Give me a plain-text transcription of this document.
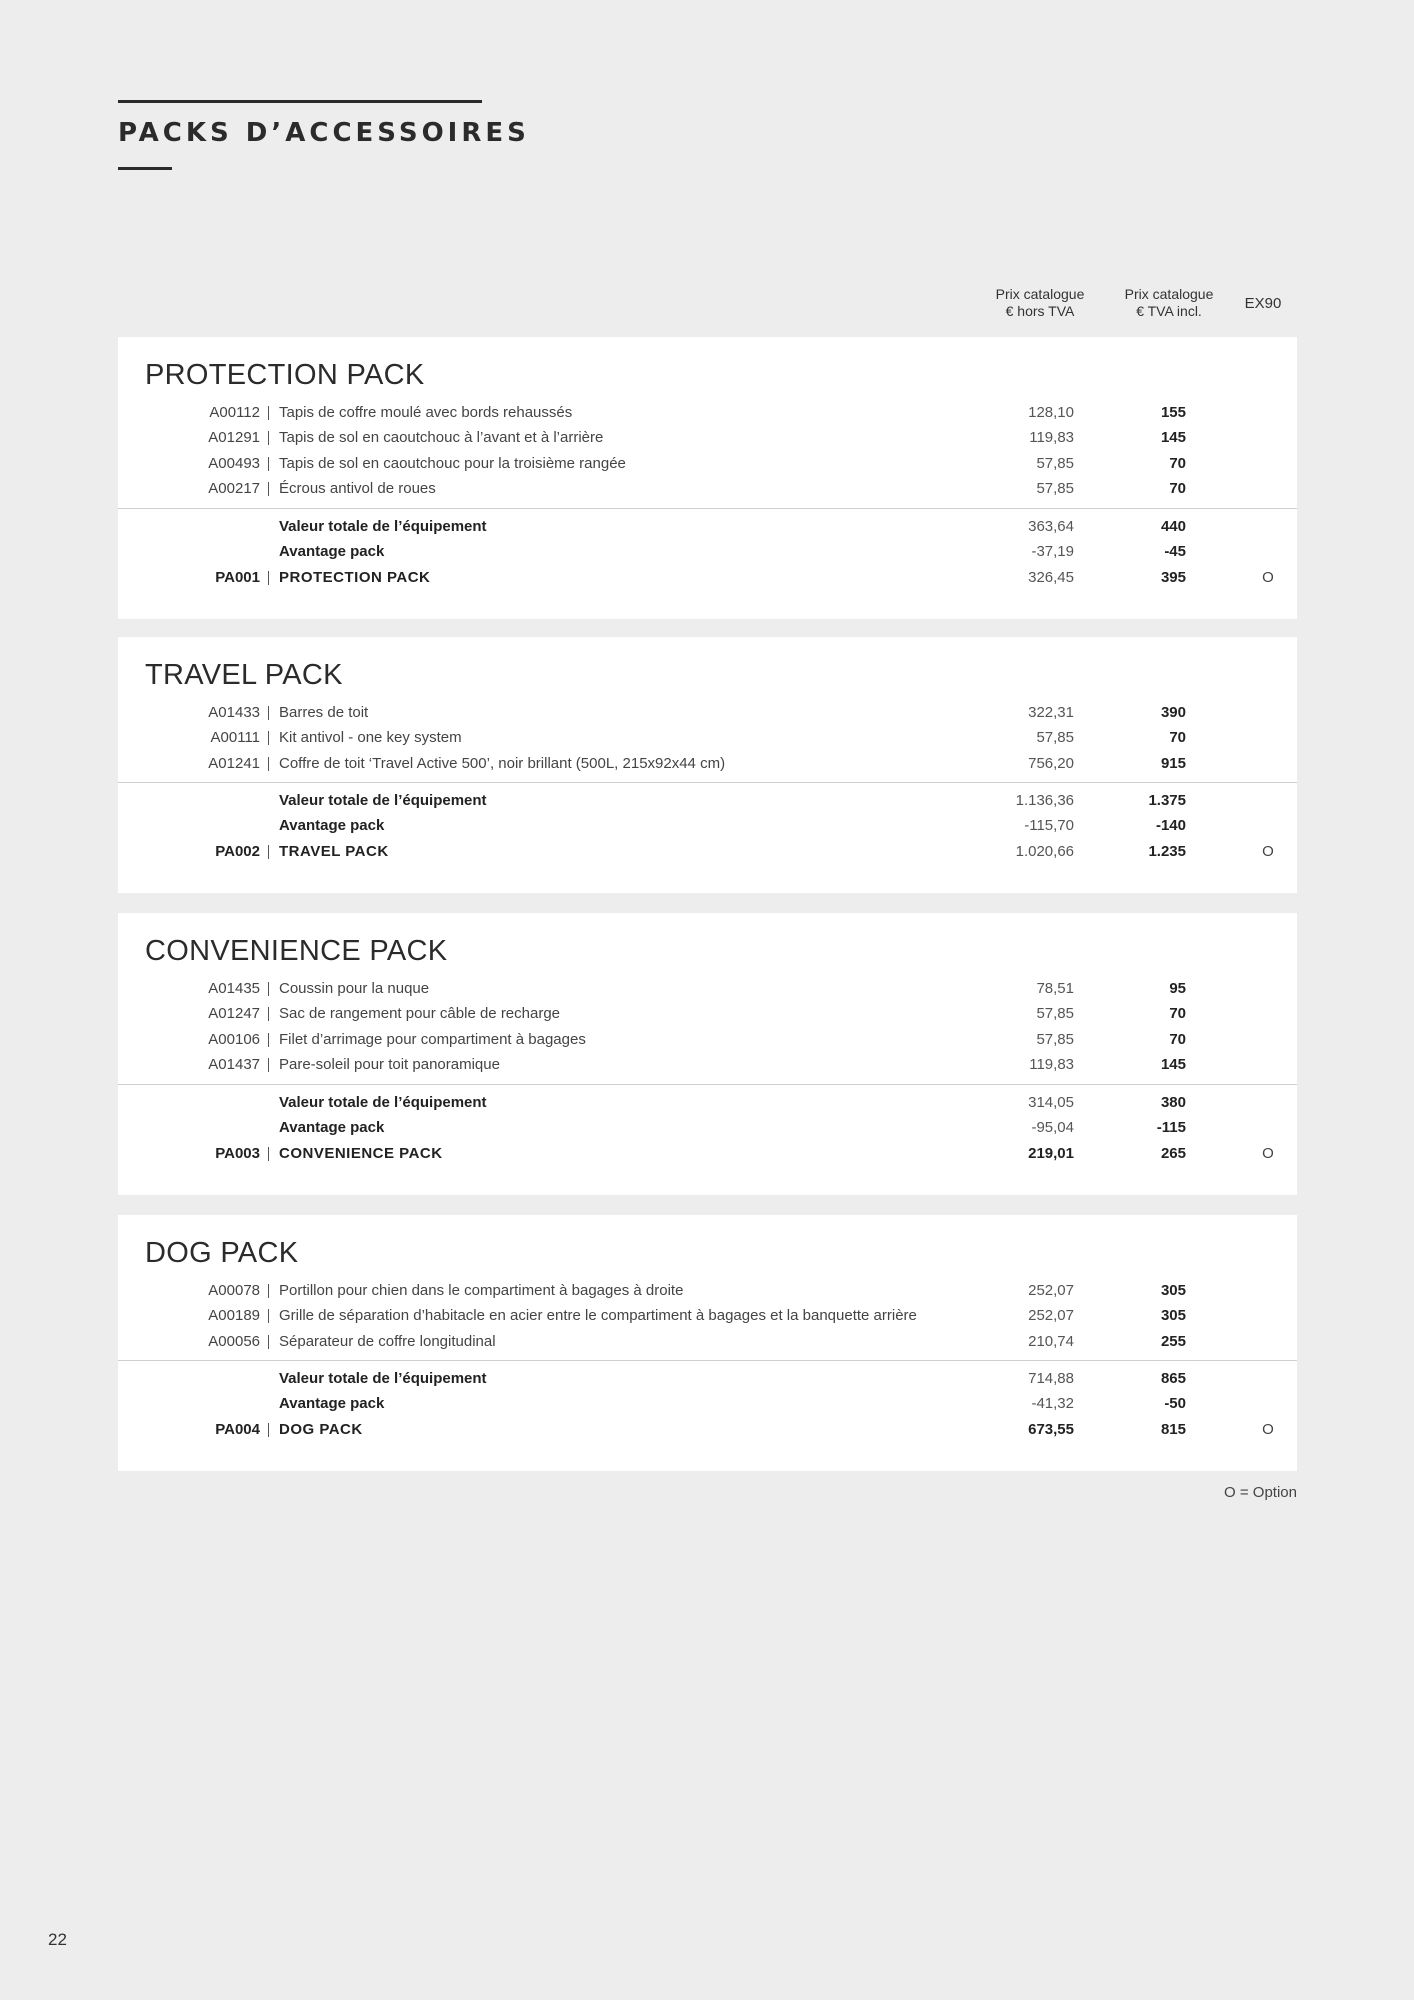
PACKS D’ACCESSOIRES
Prix catalogue
€ hors TVA
Prix catalogue
€ TVA incl.	EX90
PROTECTION PACK
A00112 Tapis de coffre moulé avec bords rehaussés	128,10	155
A01291 Tapis de sol en caoutchouc à l’avant et à l’arrière	119,83	145
A00493 Tapis de sol en caoutchouc pour la troisième rangée	57,85	70
A00217 Écrous antivol de roues	57,85	70
Valeur totale de l’équipement	363,64	440
Avantage pack	-37,19	-45
PA001 PROTECTION PACK	326,45	395	O
TRAVEL PACK
A01433 Barres de toit	322,31	390
A00111 Kit antivol - one key system	57,85	70
A01241 Coffre de toit ‘Travel Active 500’, noir brillant (500L, 215x92x44 cm)	756,20	915
Valeur totale de l’équipement	1.136,36	1.375
Avantage pack	-115,70	-140
PA002 TRAVEL PACK	1.020,66	1.235	O
CONVENIENCE PACK
A01435 Coussin pour la nuque	78,51	95
A01247 Sac de rangement pour câble de recharge	57,85	70
A00106 Filet d’arrimage pour compartiment à bagages	57,85	70
A01437 Pare-soleil pour toit panoramique	119,83	145
Valeur totale de l’équipement	314,05	380
Avantage pack	-95,04	-115
PA003 CONVENIENCE PACK	219,01	265	O
DOG PACK
A00078 Portillon pour chien dans le compartiment à bagages à droite	252,07	305
A00189 Grille de séparation d’habitacle en acier entre le compartiment à bagages et la banquette arrière	252,07	305
A00056 Séparateur de coffre longitudinal	210,74	255
Valeur totale de l’équipement	714,88	865
Avantage pack	-41,32	-50
PA004 DOG PACK	673,55	815	O
O = Option
22
